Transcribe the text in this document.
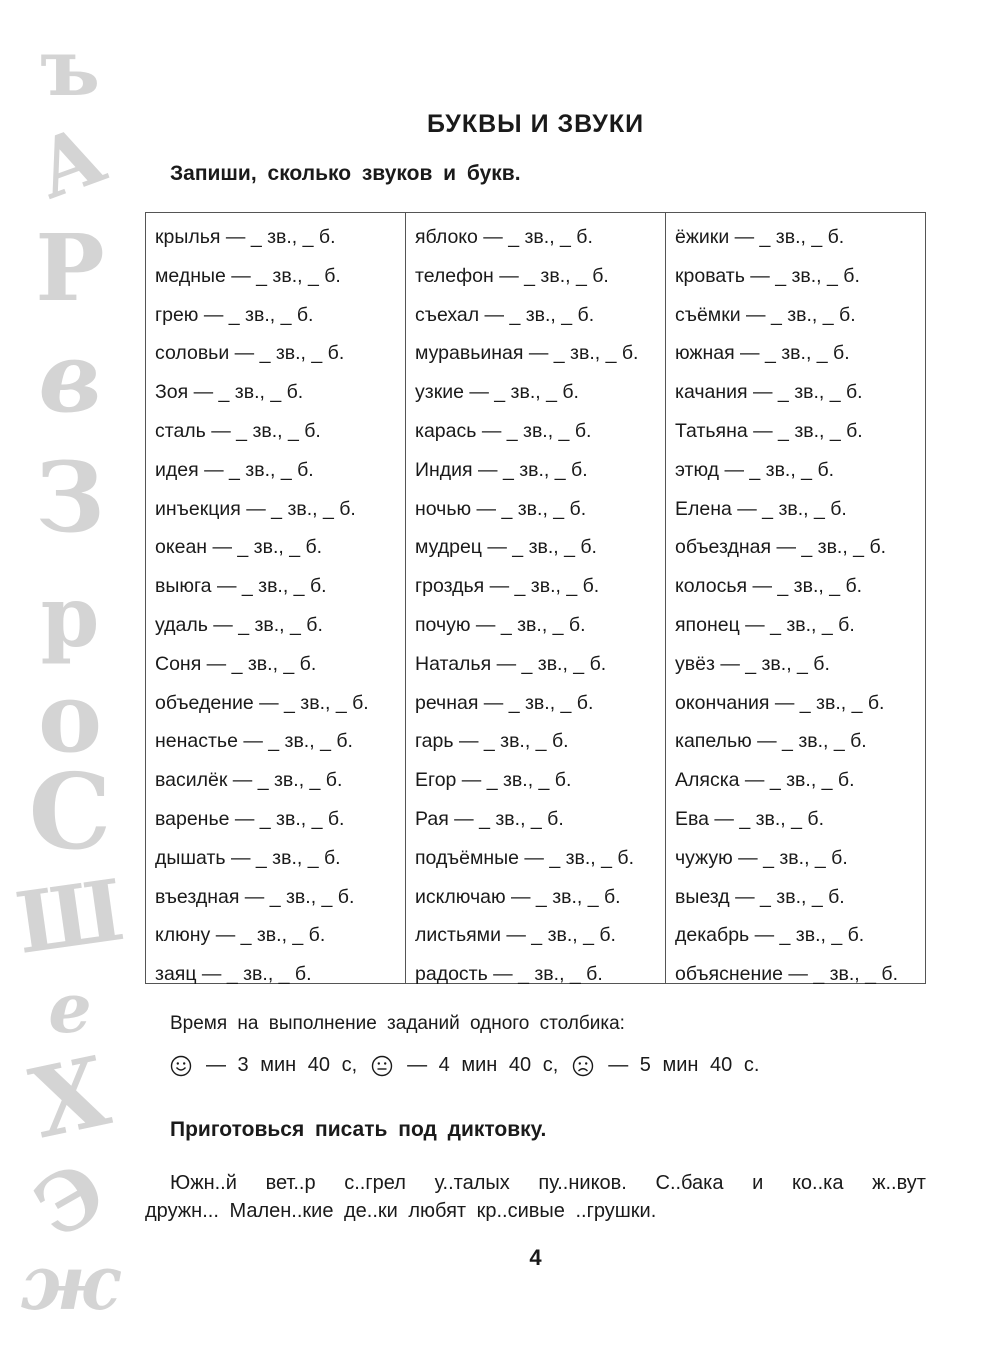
ъ
А
Р
в
З
р
о
С
Ш
е
Х
Э
ж
БУКВЫ И ЗВУКИ

Запиши, сколько звуков и букв.

крылья — _ зв., _ б.
медные — _ зв., _ б.
грею — _ зв., _ б.
соловьи — _ зв., _ б.
Зоя — _ зв., _ б.
сталь — _ зв., _ б.
идея — _ зв., _ б.
инъекция — _ зв., _ б.
океан — _ зв., _ б.
выюга — _ зв., _ б.
удаль — _ зв., _ б.
Соня — _ зв., _ б.
объедение — _ зв., _ б.
ненастье — _ зв., _ б.
василёк — _ зв., _ б.
варенье — _ зв., _ б.
дышать — _ зв., _ б.
въездная — _ зв., _ б.
клюну — _ зв., _ б.
заяц — _ зв., _ б.
яблоко — _ зв., _ б.
телефон — _ зв., _ б.
съехал — _ зв., _ б.
муравьиная — _ зв., _ б.
узкие — _ зв., _ б.
карась — _ зв., _ б.
Индия — _ зв., _ б.
ночью — _ зв., _ б.
мудрец — _ зв., _ б.
гроздья — _ зв., _ б.
почую — _ зв., _ б.
Наталья — _ зв., _ б.
речная — _ зв., _ б.
гарь — _ зв., _ б.
Егор — _ зв., _ б.
Рая — _ зв., _ б.
подъёмные — _ зв., _ б.
исключаю — _ зв., _ б.
листьями — _ зв., _ б.
радость — _ зв., _ б.
ёжики — _ зв., _ б.
кровать — _ зв., _ б.
съёмки — _ зв., _ б.
южная — _ зв., _ б.
качания — _ зв., _ б.
Татьяна — _ зв., _ б.
этюд — _ зв., _ б.
Елена — _ зв., _ б.
объездная — _ зв., _ б.
колосья — _ зв., _ б.
японец — _ зв., _ б.
увёз — _ зв., _ б.
окончания — _ зв., _ б.
капелью — _ зв., _ б.
Аляска — _ зв., _ б.
Ева — _ зв., _ б.
чужую — _ зв., _ б.
выезд — _ зв., _ б.
декабрь — _ зв., _ б.
объяснение — _ зв., _ б.

Время на выполнение заданий одного столбика:

— 3 мин 40 с,	— 4 мин 40 с,	— 5 мин 40 с.

Приготовься писать под диктовку.

Южн..й вет..р с..грел у..талых пу..ников. С..бака и ко..ка ж..вут

дружн... Мален..кие де..ки любят кр..сивые ..грушки.

4
